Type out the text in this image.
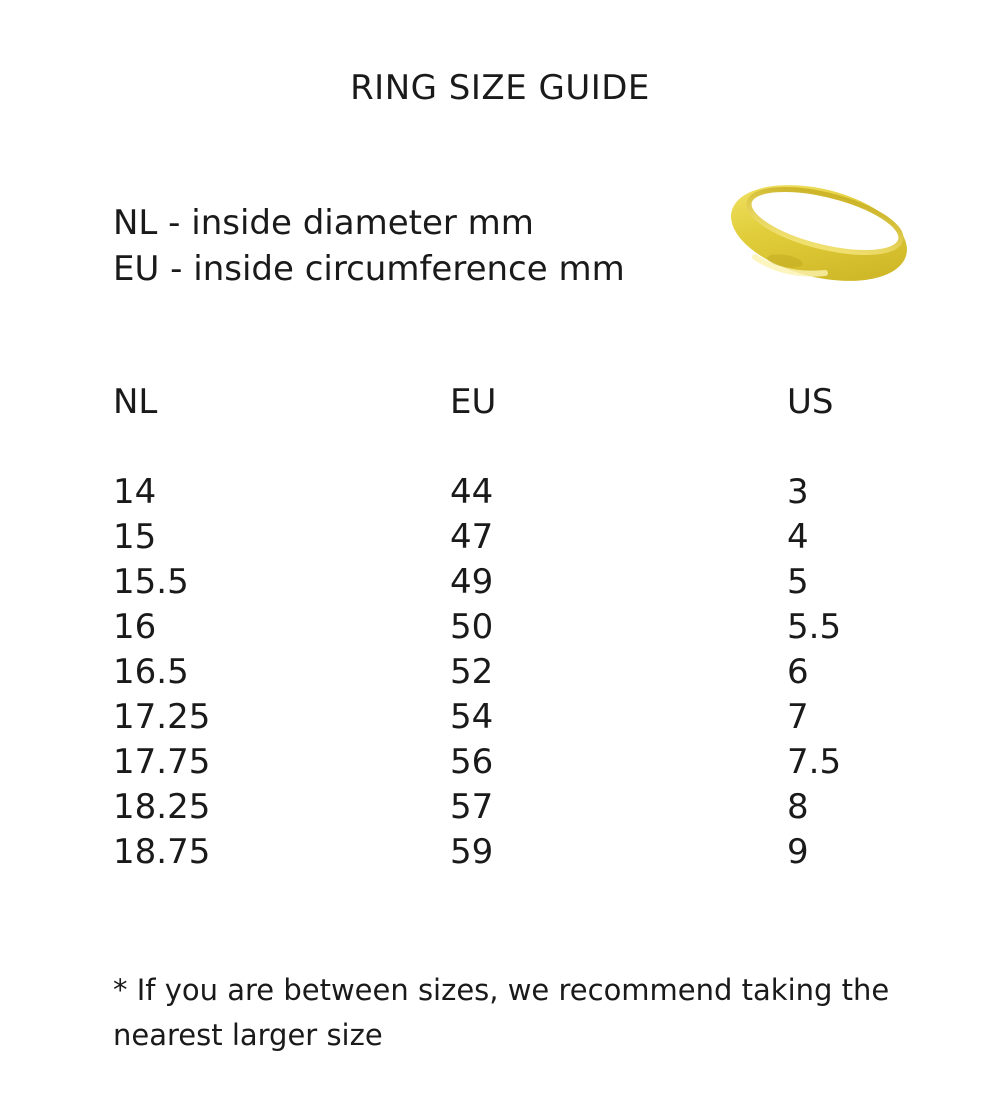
RING SIZE GUIDE
NL - inside diameter mm
EU - inside circumference mm
NL	EU	US
14	44	3
15	47	4
15.5	49	5
16	50	5.5
16.5	52	6
17.25	54	7
17.75	56	7.5
18.25	57	8
18.75	59	9
* If you are between sizes, we recommend taking the nearest larger size
